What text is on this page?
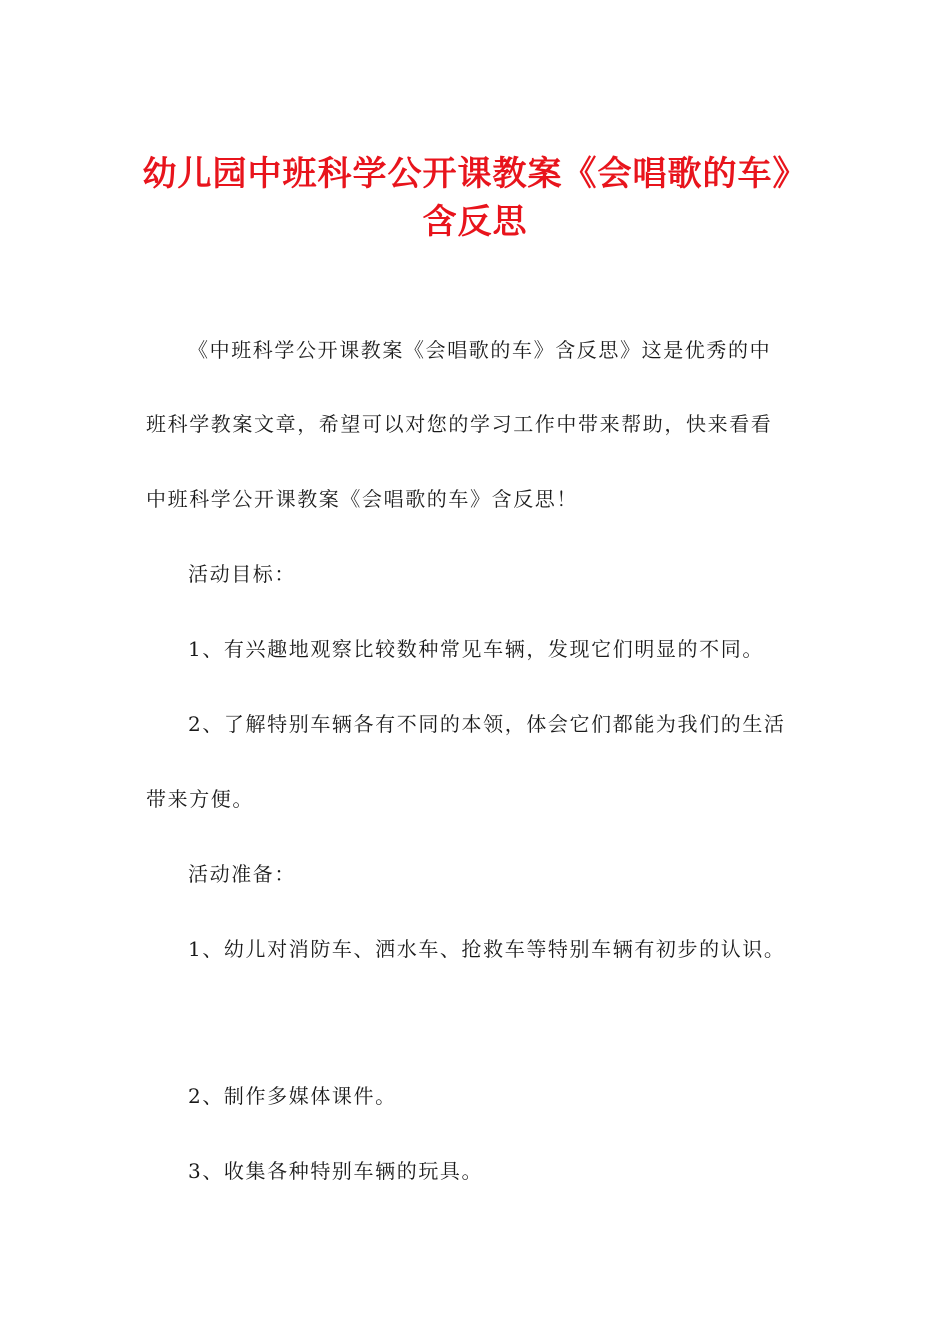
幼儿园中班科学公开课教案《会唱歌的车》
含反思
《中班科学公开课教案《会唱歌的车》含反思》这是优秀的中
班科学教案文章，希望可以对您的学习工作中带来帮助，快来看看
中班科学公开课教案《会唱歌的车》含反思！
活动目标：
1、有兴趣地观察比较数种常见车辆，发现它们明显的不同。
2、了解特别车辆各有不同的本领，体会它们都能为我们的生活
带来方便。
活动准备：
1、幼儿对消防车、洒水车、抢救车等特别车辆有初步的认识。
2、制作多媒体课件。
3、收集各种特别车辆的玩具。
